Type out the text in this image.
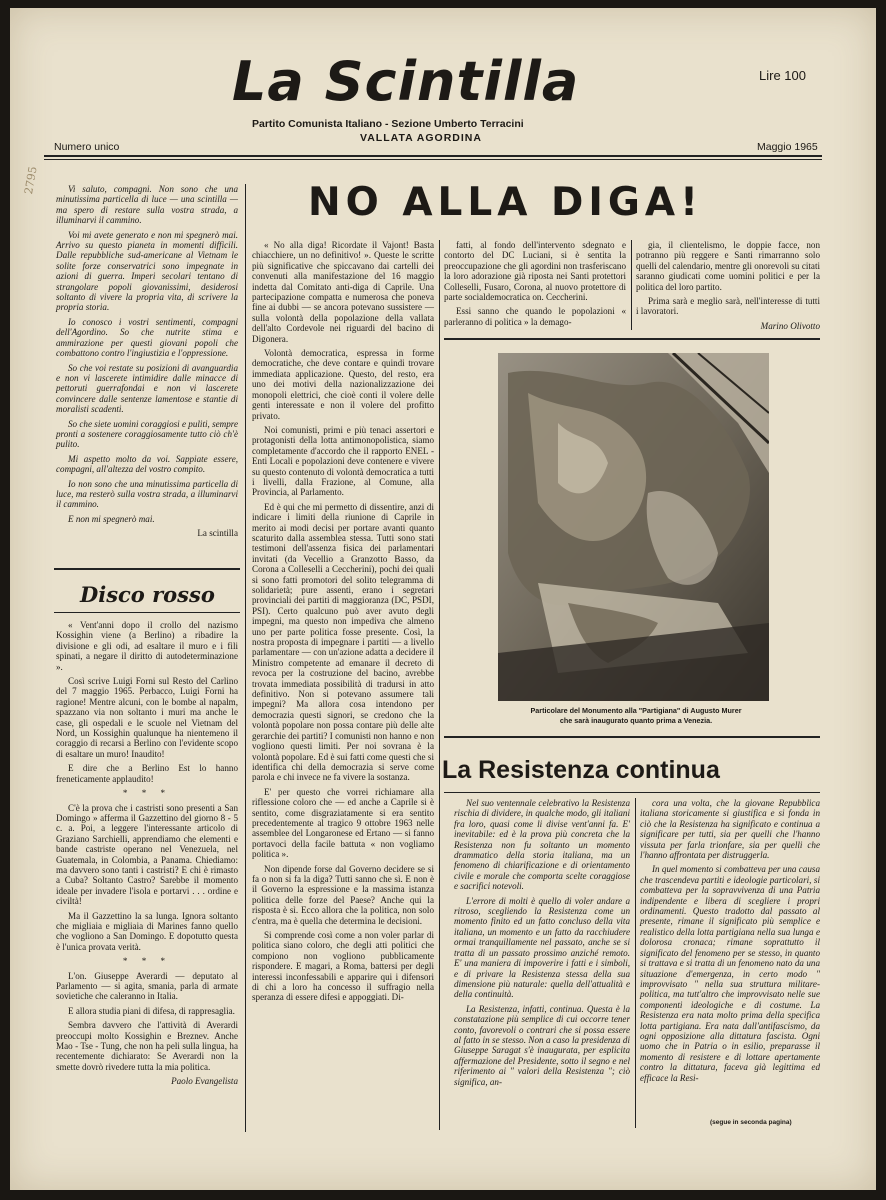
2795
La Scintilla	Lire 100
Partito Comunista Italiano - Sezione Umberto Terracini
VALLATA AGORDINA
Numero unico	Maggio 1965
NO ALLA DIGA!

Vi saluto, compagni. Non sono che una minutissima particella di luce — una scintilla — ma spero di restare sulla vostra strada, a illuminarvi il cammino.

Voi mi avete generato e non mi spegnerò mai. Arrivo su questo pianeta in momenti difficili. Dalle repubbliche sud-americane al Vietnam le solite forze conservatrici sono impegnate in azioni di guerra. Imperi secolari tentano di strangolare popoli giovanissimi, desiderosi soltanto di vivere la propria vita, di scrivere la propria storia.

Io conosco i vostri sentimenti, compagni dell'Agordino. So che nutrite stima e ammirazione per questi giovani popoli che combattono contro l'ingiustizia e l'oppressione.

So che voi restate su posizioni di avanguardia e non vi lascerete intimidire dalle minacce di pettoruti guerrafondai e non vi lascerete convincere dalle sentenze lamentose e stantie di moralisti scadenti.

So che siete uomini coraggiosi e puliti, sempre pronti a sostenere coraggiosamente tutto ciò ch'è pulito.

Mi aspetto molto da voi. Sappiate essere, compagni, all'altezza del vostro compito.

Io non sono che una minutissima particella di luce, ma resterò sulla vostra strada, a illuminarvi il cammino.

E non mi spegnerò mai.

La scintilla

Disco rosso

« Vent'anni dopo il crollo del nazismo Kossighin viene (a Berlino) a ribadire la divisione e gli odi, ad esaltare il muro e i fili spinati, a negare il diritto di autodeterminazione ».

Così scrive Luigi Forni sul Resto del Carlino del 7 maggio 1965. Perbacco, Luigi Forni ha ragione! Mentre alcuni, con le bombe al napalm, spazzano via non soltanto i muri ma anche le case, gli ospedali e le scuole nel Vietnam del Nord, un Kossighin qualunque ha nientemeno il coraggio di recarsi a Berlino con l'evidente scopo di esaltare un muro! Inaudito!

E dire che a Berlino Est lo hanno freneticamente applaudito!

* * *

C'è la prova che i castristi sono presenti a San Domingo » afferma il Gazzettino del giorno 8 - 5 c. a. Poi, a leggere l'interessante articolo di Graziano Sarchielli, apprendiamo che elementi e bande castriste operano nel Venezuela, nel Guatemala, in Colombia, a Panama. Chiediamo: ma davvero sono tanti i castristi? E chi è rimasto a Cuba? Soltanto Castro? Sarebbe il momento ideale per invadere l'isola e portarvi . . . ordine e civiltà!

Ma il Gazzettino la sa lunga. Ignora soltanto che migliaia e migliaia di Marines fanno quello che vogliono a San Domingo. E dopotutto questa è l'unica provata verità.

* * *

L'on. Giuseppe Averardi — deputato al Parlamento — si agita, smania, parla di armate sovietiche che caleranno in Italia.

E allora studia piani di difesa, di rappresaglia.

Sembra davvero che l'attività di Averardi preoccupi molto Kossighin e Breznev. Anche Mao - Tse - Tung, che non ha peli sulla lingua, ha recentemente dichiarato: Se Averardi non la smette dovrò rivedere tutta la mia politica.

Paolo Evangelista

« No alla diga! Ricordate il Vajont! Basta chiacchiere, un no definitivo! ». Queste le scritte più significative che spiccavano dai cartelli dei convenuti alla manifestazione del 16 maggio indetta dal Comitato anti-diga di Caprile. Una partecipazione compatta e numerosa che poneva fine ai dubbi — se ancora potevano sussistere — sulla volontà della popolazione della vallata dell'alto Cordevole nei riguardi del bacino di Digonera.

Volontà democratica, espressa in forme democratiche, che deve contare e quindi trovare immediata applicazione. Questo, del resto, era uno dei motivi della nazionalizzazione dei monopoli elettrici, che cioè conti il volere delle genti interessate e non il volere del profitto privato.

Noi comunisti, primi e più tenaci assertori e protagonisti della lotta antimonopolistica, siamo completamente d'accordo che il rapporto ENEL - Enti Locali e popolazioni deve contenere e vivere su questo contenuto di volontà democratica a tutti i livelli, dalla Frazione, al Comune, alla Provincia, al Parlamento.

Ed è qui che mi permetto di dissentire, anzi di indicare i limiti della riunione di Caprile in merito ai modi decisi per portare avanti quanto scaturito dalla assemblea stessa. Tutti sono stati testimoni dell'assenza fisica dei parlamentari invitati (da Vecellio a Granzotto Basso, da Corona a Colleselli a Ceccherini), pochi dei quali si sono fatti promotori del solito telegramma di solidarietà; pure assenti, erano i segretari provinciali dei partiti di maggioranza (DC, PSDI, PSI). Certo qualcuno può aver avuto degli impegni, ma questo non impediva che almeno uno per parte politica fosse presente. Così, la nostra proposta di impegnare i partiti — a livello parlamentare — con un'azione adatta a decidere il Ministro competente ad emanare il decreto di revoca per la costruzione del bacino, avrebbe trovata immediata possibilità di tradursi in atto definitivo. Non si potevano assumere tali impegni? Ma allora cosa intendono per democrazia questi signori, se credono che la volontà popolare non possa contare più delle alte gerarchie dei partiti? I comunisti non hanno e non vogliono questi limiti. Per noi sovrana è la volontà popolare. Ed è sui fatti come questi che si identifica chi della democrazia si serve come parola e chi invece ne fa vivere la sostanza.

E' per questo che vorrei richiamare alla riflessione coloro che — ed anche a Caprile si è sentito, come disgraziatamente si era sentito precedentemente al tragico 9 ottobre 1963 nelle assemblee del Longaronese ed Ertano — si fanno portavoci della facile battuta « non vogliamo politica ».

Non dipende forse dal Governo decidere se si fa o non si fa la diga? Tutti sanno che sì. E non è il Governo la espressione e la massima istanza politica delle forze del Paese? Anche qui la risposta è sì. Ecco allora che la politica, non solo c'entra, ma è quella che determina le decisioni.

Si comprende così come a non voler parlar di politica siano coloro, che degli atti politici che compiono non vogliono pubblicamente rispondere. E magari, a Roma, battersi per degli interessi inconfessabili e apparire qui i difensori di chi a loro ha concesso il suffragio nella speranza di essere difesi e appoggiati. Di-

fatti, al fondo dell'intervento sdegnato e contorto del DC Luciani, si è sentita la preoccupazione che gli agordini non trasferiscano la loro adorazione già riposta nei Santi protettori Colleselli, Fusaro, Corona, al nuovo protettore di parte socialdemocratica on. Ceccherini.

Essi sanno che quando le popolazioni « parleranno di politica » la demago-

gia, il clientelismo, le doppie facce, non potranno più reggere e Santi rimarranno solo quelli del calendario, mentre gli onorevoli su citati saranno giudicati come uomini politici e per la politica del loro partito.

Prima sarà e meglio sarà, nell'interesse di tutti i lavoratori.

Marino Olivotto

Particolare del Monumento alla "Partigiana" di Augusto Murer
che sarà inaugurato quanto prima a Venezia.
La Resistenza continua

Nel suo ventennale celebrativo la Resistenza rischia di dividere, in qualche modo, gli italiani fra loro, quasi come li divise vent'anni fa. E' inevitabile: ed è la prova più concreta che la Resistenza non fu soltanto un momento drammatico della storia italiana, ma un fenomeno di chiarificazione e di orientamento civile e morale che comporta scelte coraggiose e sacrifici notevoli.

L'errore di molti è quello di voler andare a ritroso, scegliendo la Resistenza come un momento finito ed un fatto concluso della vita italiana, un momento e un fatto da racchiudere ormai tranquillamente nel passato, anche se si tratta di un passato prossimo anziché remoto. E' una maniera di impoverire i fatti e i simboli, e di privare la Resistenza stessa della sua dimensione più naturale: quella dell'attualità e della continuità.

La Resistenza, infatti, continua. Questa è la constatazione più semplice di cui occorre tener conto, favorevoli o contrari che si possa essere al fatto in se stesso. Non a caso la presidenza di Giuseppe Saragat s'è inaugurata, per esplicita affermazione del Presidente, sotto il segno e nel riferimento ai " valori della Resistenza "; ciò significa, an-

cora una volta, che la giovane Repubblica italiana storicamente si giustifica e si fonda in ciò che la Resistenza ha significato e continua a significare per tutti, sia per quelli che l'hanno vissuta per farla trionfare, sia per quelli che l'hanno affrontata per distruggerla.

In quel momento si combatteva per una causa che trascendeva partiti e ideologie particolari, si combatteva per la sopravvivenza di una Patria indipendente e libera di scegliere i propri ordinamenti. Questo tradotto dal passato al presente, rimane il significato più semplice e realistico della lotta partigiana nella sua lunga e dolorosa cronaca; rimane soprattutto il significato del fenomeno per se stesso, in quanto si trattava e si tratta di un fenomeno nato da una situazione d'emergenza, in certo modo " improvvisato " nella sua struttura militare-politica, ma tutt'altro che improvvisato nelle sue componenti ideologiche e di costume. La Resistenza era nata molto prima della specifica lotta partigiana. Era nata dall'antifascismo, da ogni opposizione alla dittatura fascista. Ogni uomo che in Patria o in esilio, preparasse il momento di resistere e di lottare apertamente contro la dittatura, faceva già legittima ed efficace la Resi-

(segue in seconda pagina)
